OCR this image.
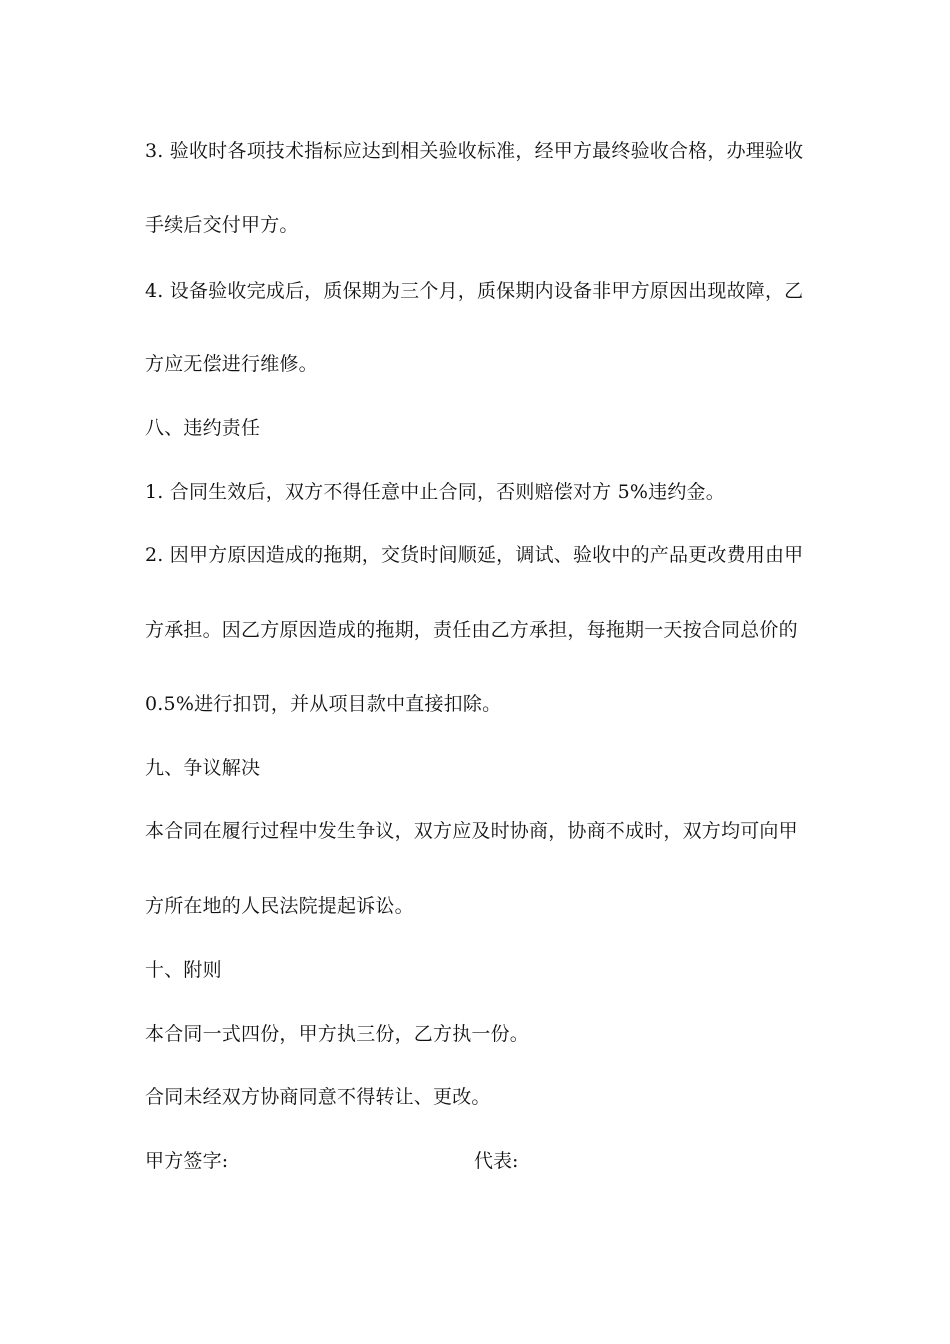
3. 验收时各项技术指标应达到相关验收标准，经甲方最终验收合格，办理验收
手续后交付甲方。
4. 设备验收完成后，质保期为三个月，质保期内设备非甲方原因出现故障，乙
方应无偿进行维修。
八、违约责任
1. 合同生效后，双方不得任意中止合同，否则赔偿对方 5%违约金。
2. 因甲方原因造成的拖期，交货时间顺延，调试、验收中的产品更改费用由甲
方承担。因乙方原因造成的拖期，责任由乙方承担，每拖期一天按合同总价的
0.5%进行扣罚，并从项目款中直接扣除。
九、争议解决
本合同在履行过程中发生争议，双方应及时协商，协商不成时，双方均可向甲
方所在地的人民法院提起诉讼。
十、附则
本合同一式四份，甲方执三份，乙方执一份。
合同未经双方协商同意不得转让、更改。
甲方签字:	代表:
